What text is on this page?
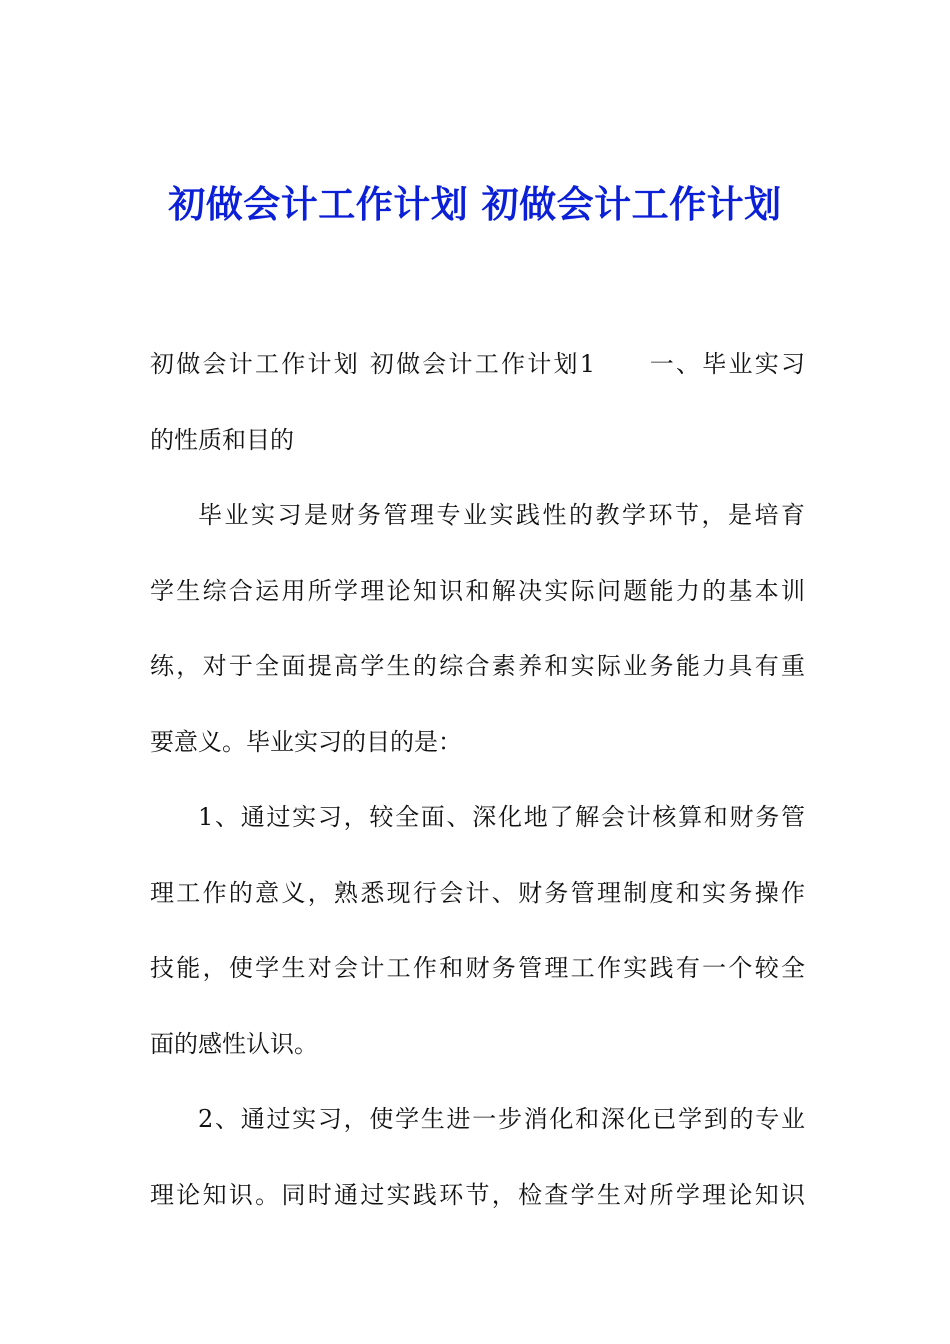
初做会计工作计划 初做会计工作计划
初做会计工作计划 初做会计工作计划1　　一、毕业实习
的性质和目的
毕业实习是财务管理专业实践性的教学环节，是培育
学生综合运用所学理论知识和解决实际问题能力的基本训
练，对于全面提高学生的综合素养和实际业务能力具有重
要意义。毕业实习的目的是：
1、通过实习，较全面、深化地了解会计核算和财务管
理工作的意义，熟悉现行会计、财务管理制度和实务操作
技能，使学生对会计工作和财务管理工作实践有一个较全
面的感性认识。
2、通过实习，使学生进一步消化和深化已学到的专业
理论知识。同时通过实践环节，检查学生对所学理论知识
